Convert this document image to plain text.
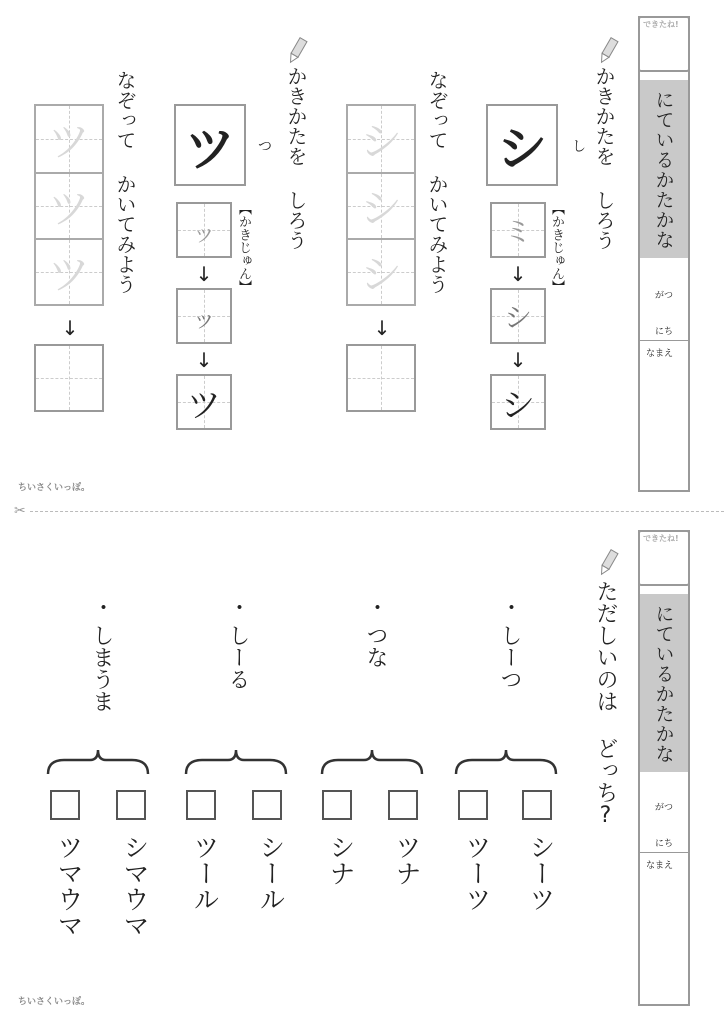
できたね!
にているかたかな
がつ
にち
なまえ
かきかたを しろう
なぞって かいてみよう シ	し
【かきじゅん】
ミ
↓
シ
↓
シ
シ
シ
シ
↓
かきかたを しろう
なぞって かいてみよう ツ	つ
【かきじゅん】
ッ
↓
ッ
↓
ツ
ツ
ツ
ツ
↓
ちいさくいっぽ。
✂
できたね!
にているかたかな
がつ
にち
なまえ
ただしいのは どっち?
・
しーつ
シーツ
ツーツ
・
つな
ツナ
シナ
・
しーる
シール
ツール
・
しまうま
シマウマ
ツマウマ
ちいさくいっぽ。
